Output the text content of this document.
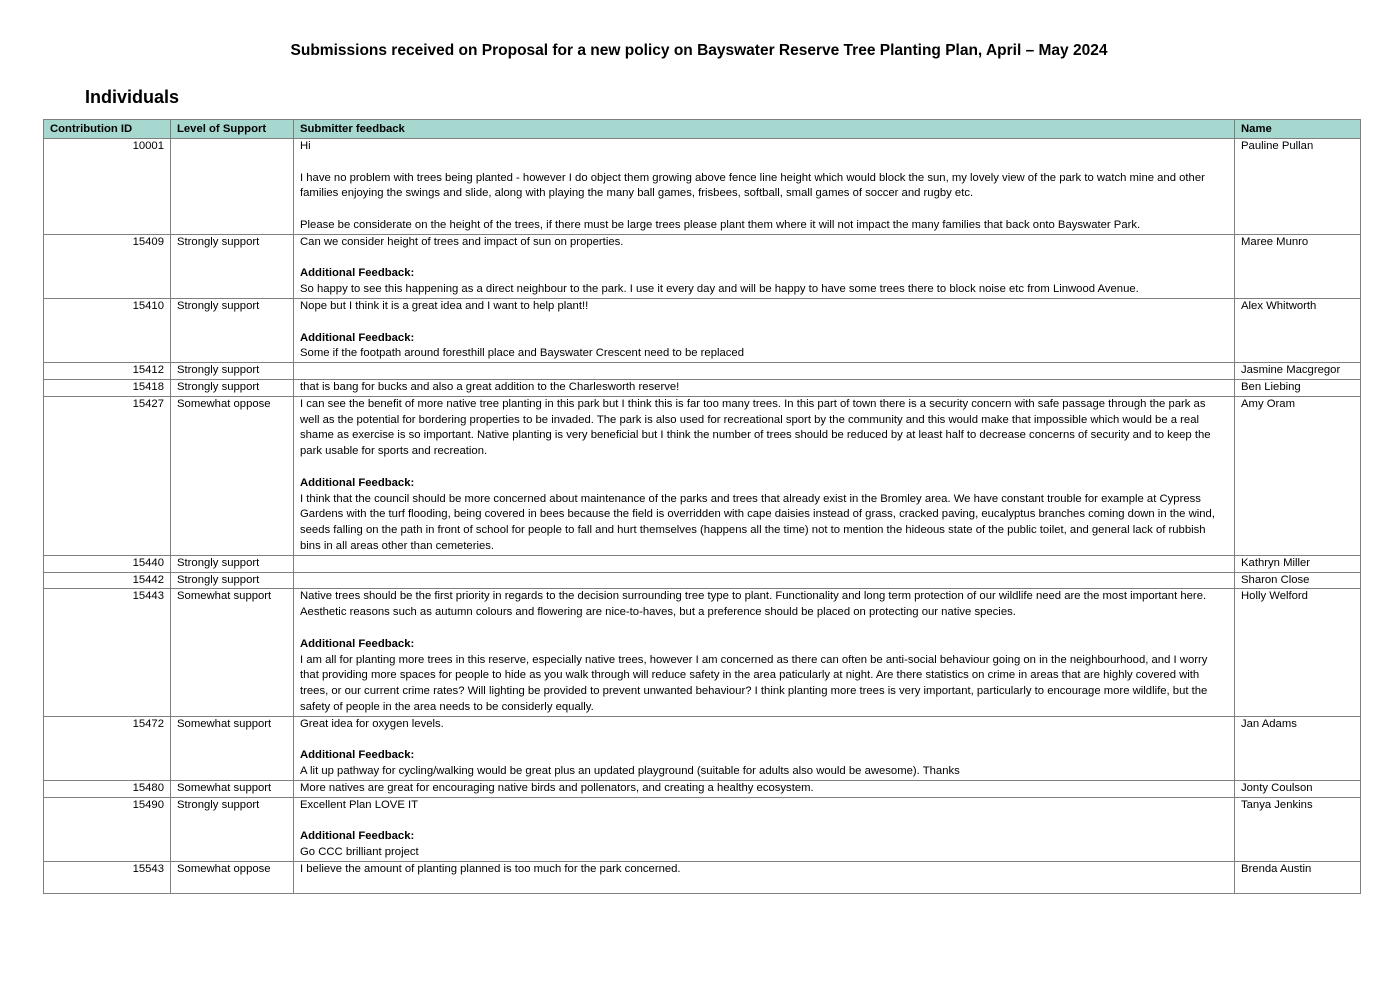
Submissions received on Proposal for a new policy on Bayswater Reserve Tree Planting Plan, April – May 2024
Individuals
Contribution ID	Level of Support	Submitter feedback	Name
10001		Hi

I have no problem with trees being planted - however I do object them growing above fence line height which would block the sun, my lovely view of the park to watch mine and other families enjoying the swings and slide, along with playing the many ball games, frisbees, softball, small games of soccer and rugby etc.

Please be considerate on the height of the trees, if there must be large trees please plant them where it will not impact the many families that back onto Bayswater Park.	Pauline Pullan
15409	Strongly support	Can we consider height of trees and impact of sun on properties.

Additional Feedback:

So happy to see this happening as a direct neighbour to the park. I use it every day and will be happy to have some trees there to block noise etc from Linwood Avenue.	Maree Munro
15410	Strongly support	Nope but I think it is a great idea and I want to help plant!!

Additional Feedback:

Some if the footpath around foresthill place and Bayswater Crescent need to be replaced	Alex Whitworth
15412	Strongly support		Jasmine Macgregor
15418	Strongly support	that is bang for bucks and also a great addition to the Charlesworth reserve!	Ben Liebing
15427	Somewhat oppose	I can see the benefit of more native tree planting in this park but I think this is far too many trees. In this part of town there is a security concern with safe passage through the park as well as the potential for bordering properties to be invaded. The park is also used for recreational sport by the community and this would make that impossible which would be a real shame as exercise is so important. Native planting is very beneficial but I think the number of trees should be reduced by at least half to decrease concerns of security and to keep the park usable for sports and recreation.

Additional Feedback:

I think that the council should be more concerned about maintenance of the parks and trees that already exist in the Bromley area. We have constant trouble for example at Cypress Gardens with the turf flooding, being covered in bees because the field is overridden with cape daisies instead of grass, cracked paving, eucalyptus branches coming down in the wind, seeds falling on the path in front of school for people to fall and hurt themselves (happens all the time) not to mention the hideous state of the public toilet, and general lack of rubbish bins in all areas other than cemeteries.	Amy Oram
15440	Strongly support		Kathryn Miller
15442	Strongly support		Sharon Close
15443	Somewhat support	Native trees should be the first priority in regards to the decision surrounding tree type to plant. Functionality and long term protection of our wildlife need are the most important here. Aesthetic reasons such as autumn colours and flowering are nice-to-haves, but a preference should be placed on protecting our native species.

Additional Feedback:

I am all for planting more trees in this reserve, especially native trees, however I am concerned as there can often be anti-social behaviour going on in the neighbourhood, and I worry that providing more spaces for people to hide as you walk through will reduce safety in the area paticularly at night. Are there statistics on crime in areas that are highly covered with trees, or our current crime rates? Will lighting be provided to prevent unwanted behaviour? I think planting more trees is very important, particularly to encourage more wildlife, but the safety of people in the area needs to be considerly equally.	Holly Welford
15472	Somewhat support	Great idea for oxygen levels.

Additional Feedback:

A lit up pathway for cycling/walking would be great plus an updated playground (suitable for adults also would be awesome). Thanks	Jan Adams
15480	Somewhat support	More natives are great for encouraging native birds and pollenators, and creating a healthy ecosystem.	Jonty Coulson
15490	Strongly support	Excellent Plan LOVE IT

Additional Feedback:

Go CCC brilliant project	Tanya Jenkins
15543	Somewhat oppose	I believe the amount of planting planned is too much for the park concerned.	Brenda Austin
